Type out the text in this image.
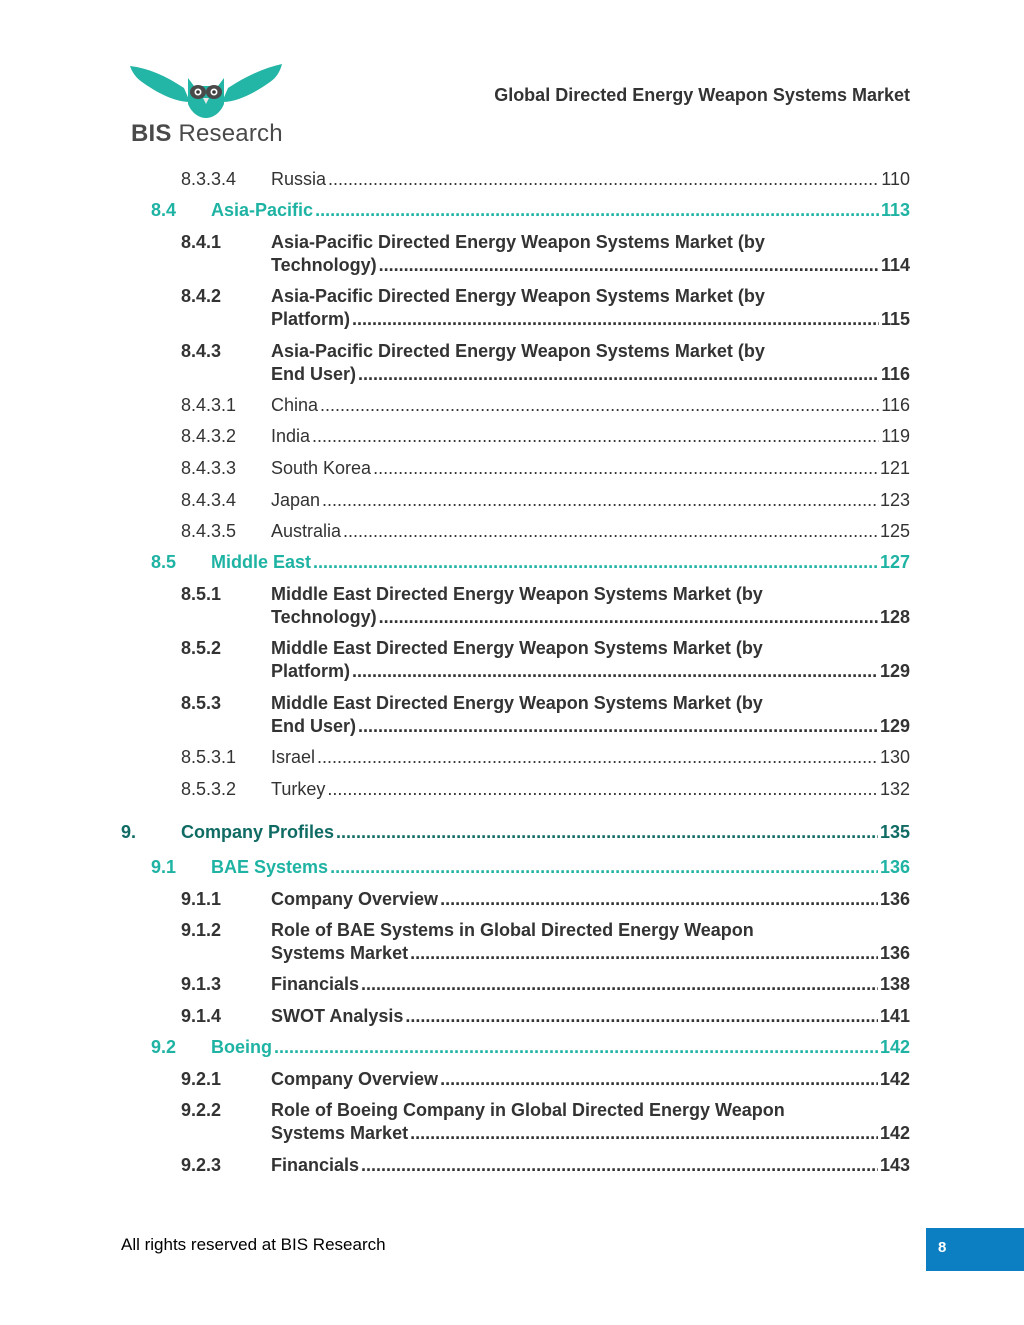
BIS Research
Global Directed Energy Weapon Systems Market
8.3.3.4 Russia .....	110
8.4 Asia-Pacific .....	113
8.4.1	Asia-Pacific Directed Energy Weapon Systems Market (by
Technology) .....	114
8.4.2	Asia-Pacific Directed Energy Weapon Systems Market (by
Platform) .....	115
8.4.3	Asia-Pacific Directed Energy Weapon Systems Market (by
End User) .....	116
8.4.3.1 China .....	116
8.4.3.2 India .....	119
8.4.3.3 South Korea .....	121
8.4.3.4 Japan .....	123
8.4.3.5 Australia .....	125
8.5 Middle East .....	127
8.5.1	Middle East Directed Energy Weapon Systems Market (by
Technology) .....	128
8.5.2	Middle East Directed Energy Weapon Systems Market (by
Platform) .....	129
8.5.3	Middle East Directed Energy Weapon Systems Market (by
End User) .....	129
8.5.3.1 Israel .....	130
8.5.3.2 Turkey .....	132
9. Company Profiles .....	135
9.1 BAE Systems .....	136
9.1.1	Company Overview .....	136
9.1.2	Role of BAE Systems in Global Directed Energy Weapon
Systems Market .....	136
9.1.3	Financials .....	138
9.1.4	SWOT Analysis .....	141
9.2 Boeing .....	142
9.2.1	Company Overview .....	142
9.2.2	Role of Boeing Company in Global Directed Energy Weapon
Systems Market .....	142
9.2.3	Financials .....	143
All rights reserved at BIS Research	8
